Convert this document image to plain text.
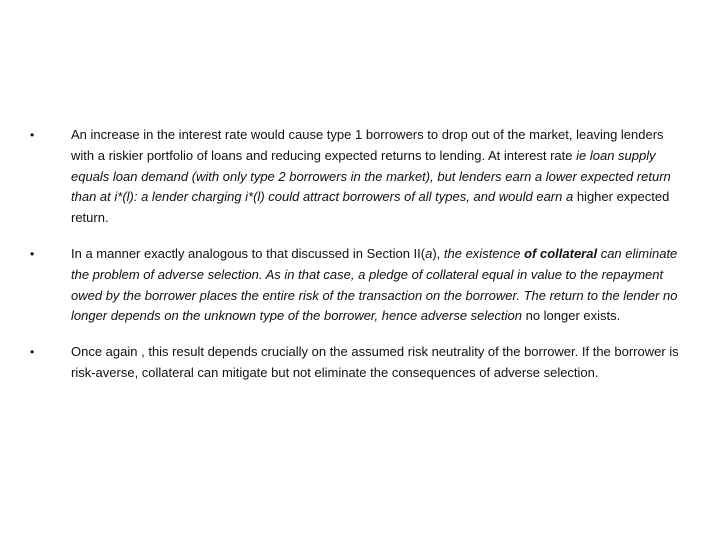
•	An increase in the interest rate would cause type 1 borrowers to drop out of the market, leaving lenders with a riskier portfolio of loans and reducing expected returns to lending. At interest rate ie loan supply equals loan demand (with only type 2 borrowers in the market), but lenders earn a lower expected return than at i*(l): a lender charging i*(l) could attract borrowers of all types, and would earn a higher expected return.
•	In a manner exactly analogous to that discussed in Section II(a), the existence of collateral can eliminate the problem of adverse selection. As in that case, a pledge of collateral equal in value to the repayment owed by the borrower places the entire risk of the transaction on the borrower. The return to the lender no longer depends on the unknown type of the borrower, hence adverse selection no longer exists.
•	Once again , this result depends crucially on the assumed risk neutrality of the borrower. If the borrower is risk-averse, collateral can mitigate but not eliminate the consequences of adverse selection.
